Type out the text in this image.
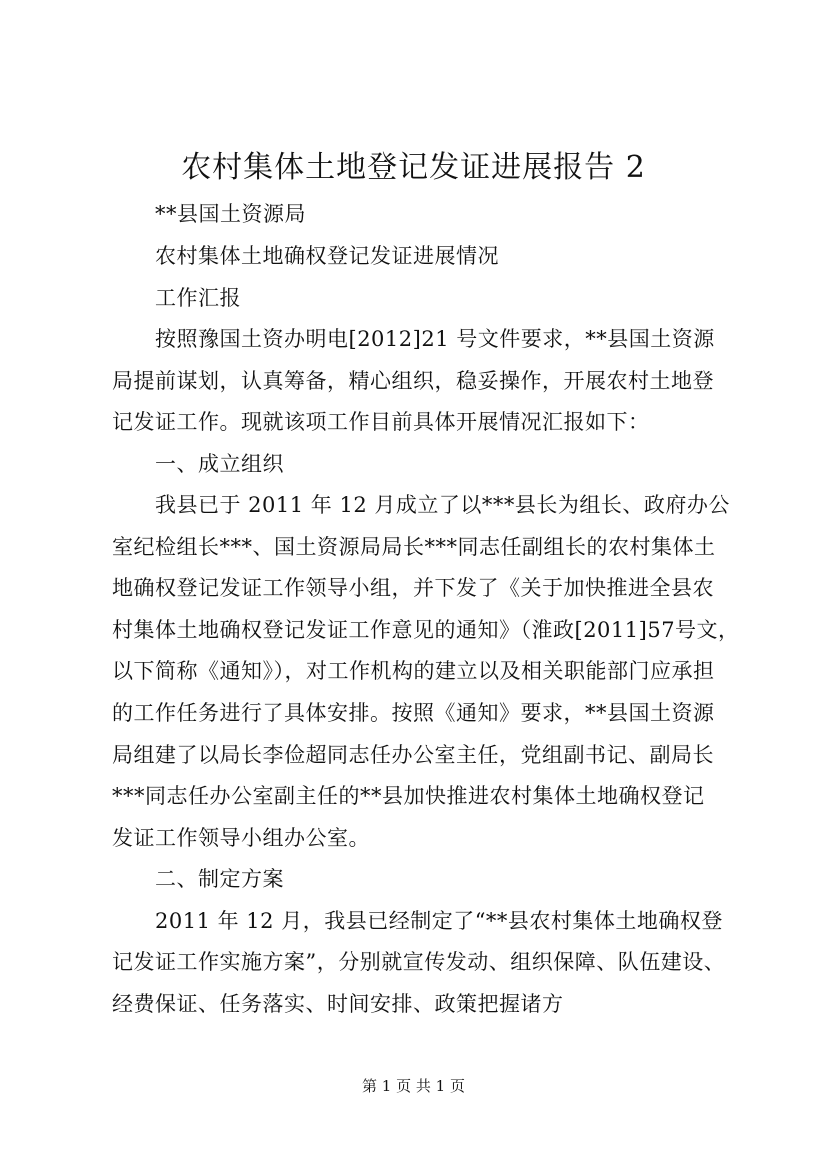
农村集体土地登记发证进展报告 2
**县国土资源局
农村集体土地确权登记发证进展情况
工作汇报
按照豫国土资办明电[2012]21 号文件要求，**县国土资源
局提前谋划，认真筹备，精心组织，稳妥操作，开展农村土地登
记发证工作。现就该项工作目前具体开展情况汇报如下：
一、成立组织
我县已于 2011 年 12 月成立了以***县长为组长、政府办公
室纪检组长***、国土资源局局长***同志任副组长的农村集体土
地确权登记发证工作领导小组，并下发了《关于加快推进全县农
村集体土地确权登记发证工作意见的通知》（淮政[2011]57号文，
以下简称《通知》），对工作机构的建立以及相关职能部门应承担
的工作任务进行了具体安排。按照《通知》要求，**县国土资源
局组建了以局长李俭超同志任办公室主任，党组副书记、副局长
***同志任办公室副主任的**县加快推进农村集体土地确权登记
发证工作领导小组办公室。
二、制定方案
2011 年 12 月，我县已经制定了“**县农村集体土地确权登
记发证工作实施方案”，分别就宣传发动、组织保障、队伍建设、
经费保证、任务落实、时间安排、政策把握诸方
第 1 页 共 1 页
